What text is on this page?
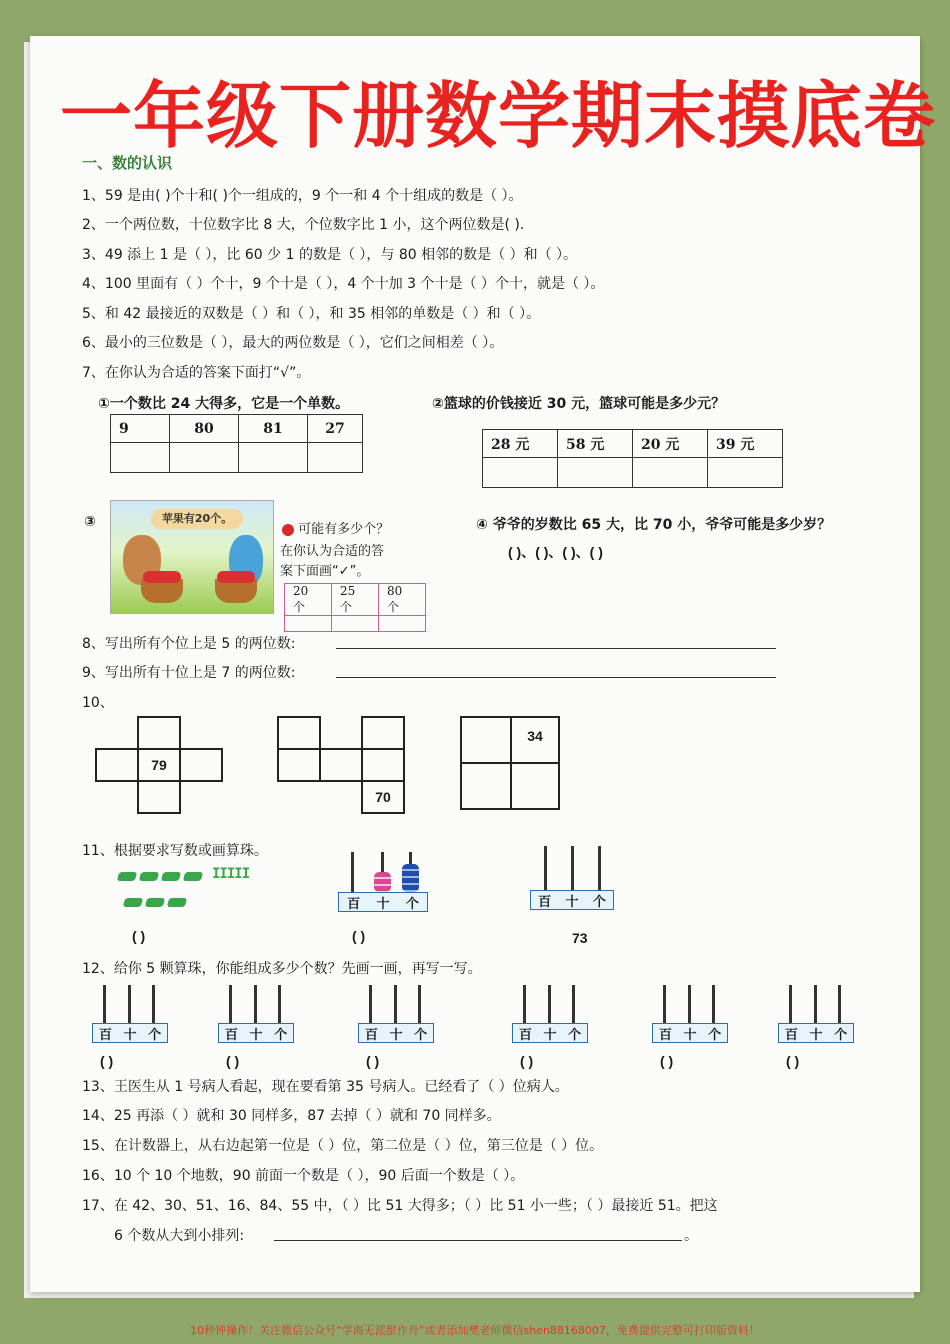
一年级下册数学期末摸底卷
一、数的认识
1、59 是由( )个十和( )个一组成的，9 个一和 4 个十组成的数是（ ）。
2、一个两位数，十位数字比 8 大，个位数字比 1 小，这个两位数是( ).
3、49 添上 1 是（ ），比 60 少 1 的数是（ ），与 80 相邻的数是（ ）和（ ）。
4、100 里面有（ ）个十，9 个十是（ ），4 个十加 3 个十是（ ）个十，就是（ ）。
5、和 42 最接近的双数是（ ）和（ ），和 35 相邻的单数是（ ）和（ ）。
6、最小的三位数是（ ），最大的两位数是（ ），它们之间相差（ ）。
7、在你认为合适的答案下面打“√”。
①一个数比 24 大得多，它是一个单数。
9	80	81	27

②篮球的价钱接近 30 元，篮球可能是多少元？
28 元	58 元	20 元	39 元

③	苹果有20个。
可能有多少个？
在你认为合适的答
案下面画“✓”。
20 个	25 个	80 个

④ 爷爷的岁数比 65 大，比 70 小，爷爷可能是多少岁？
( )、( )、( )、( )
8、写出所有个位上是 5 的两位数:
9、写出所有十位上是 7 的两位数:
10、
79
70
34
11、根据要求写数或画算珠。
IIIII
( )
百 十 个
( )
百 十 个
73
12、给你 5 颗算珠，你能组成多少个数？先画一画，再写一写。
百 十 个
( )
百 十 个
( )
百 十 个
( )
百 十 个
( )
百 十 个
( )
百 十 个
( )
13、王医生从 1 号病人看起，现在要看第 35 号病人。已经看了（ ）位病人。
14、25 再添（ ）就和 30 同样多，87 去掉（ ）就和 70 同样多。
15、在计数器上，从右边起第一位是（ ）位，第二位是（ ）位，第三位是（ ）位。
16、10 个 10 个地数，90 前面一个数是（ ），90 后面一个数是（ ）。
17、在 42、30、51、16、84、55 中，（ ）比 51 大得多；（ ）比 51 小一些；（ ）最接近 51。把这
6 个数从大到小排列:	。
10秒钟操作！关注微信公众号“学海无涯甜作舟”或者添加樊老师微信shen88168007，免费提供完整可打印版资料！
